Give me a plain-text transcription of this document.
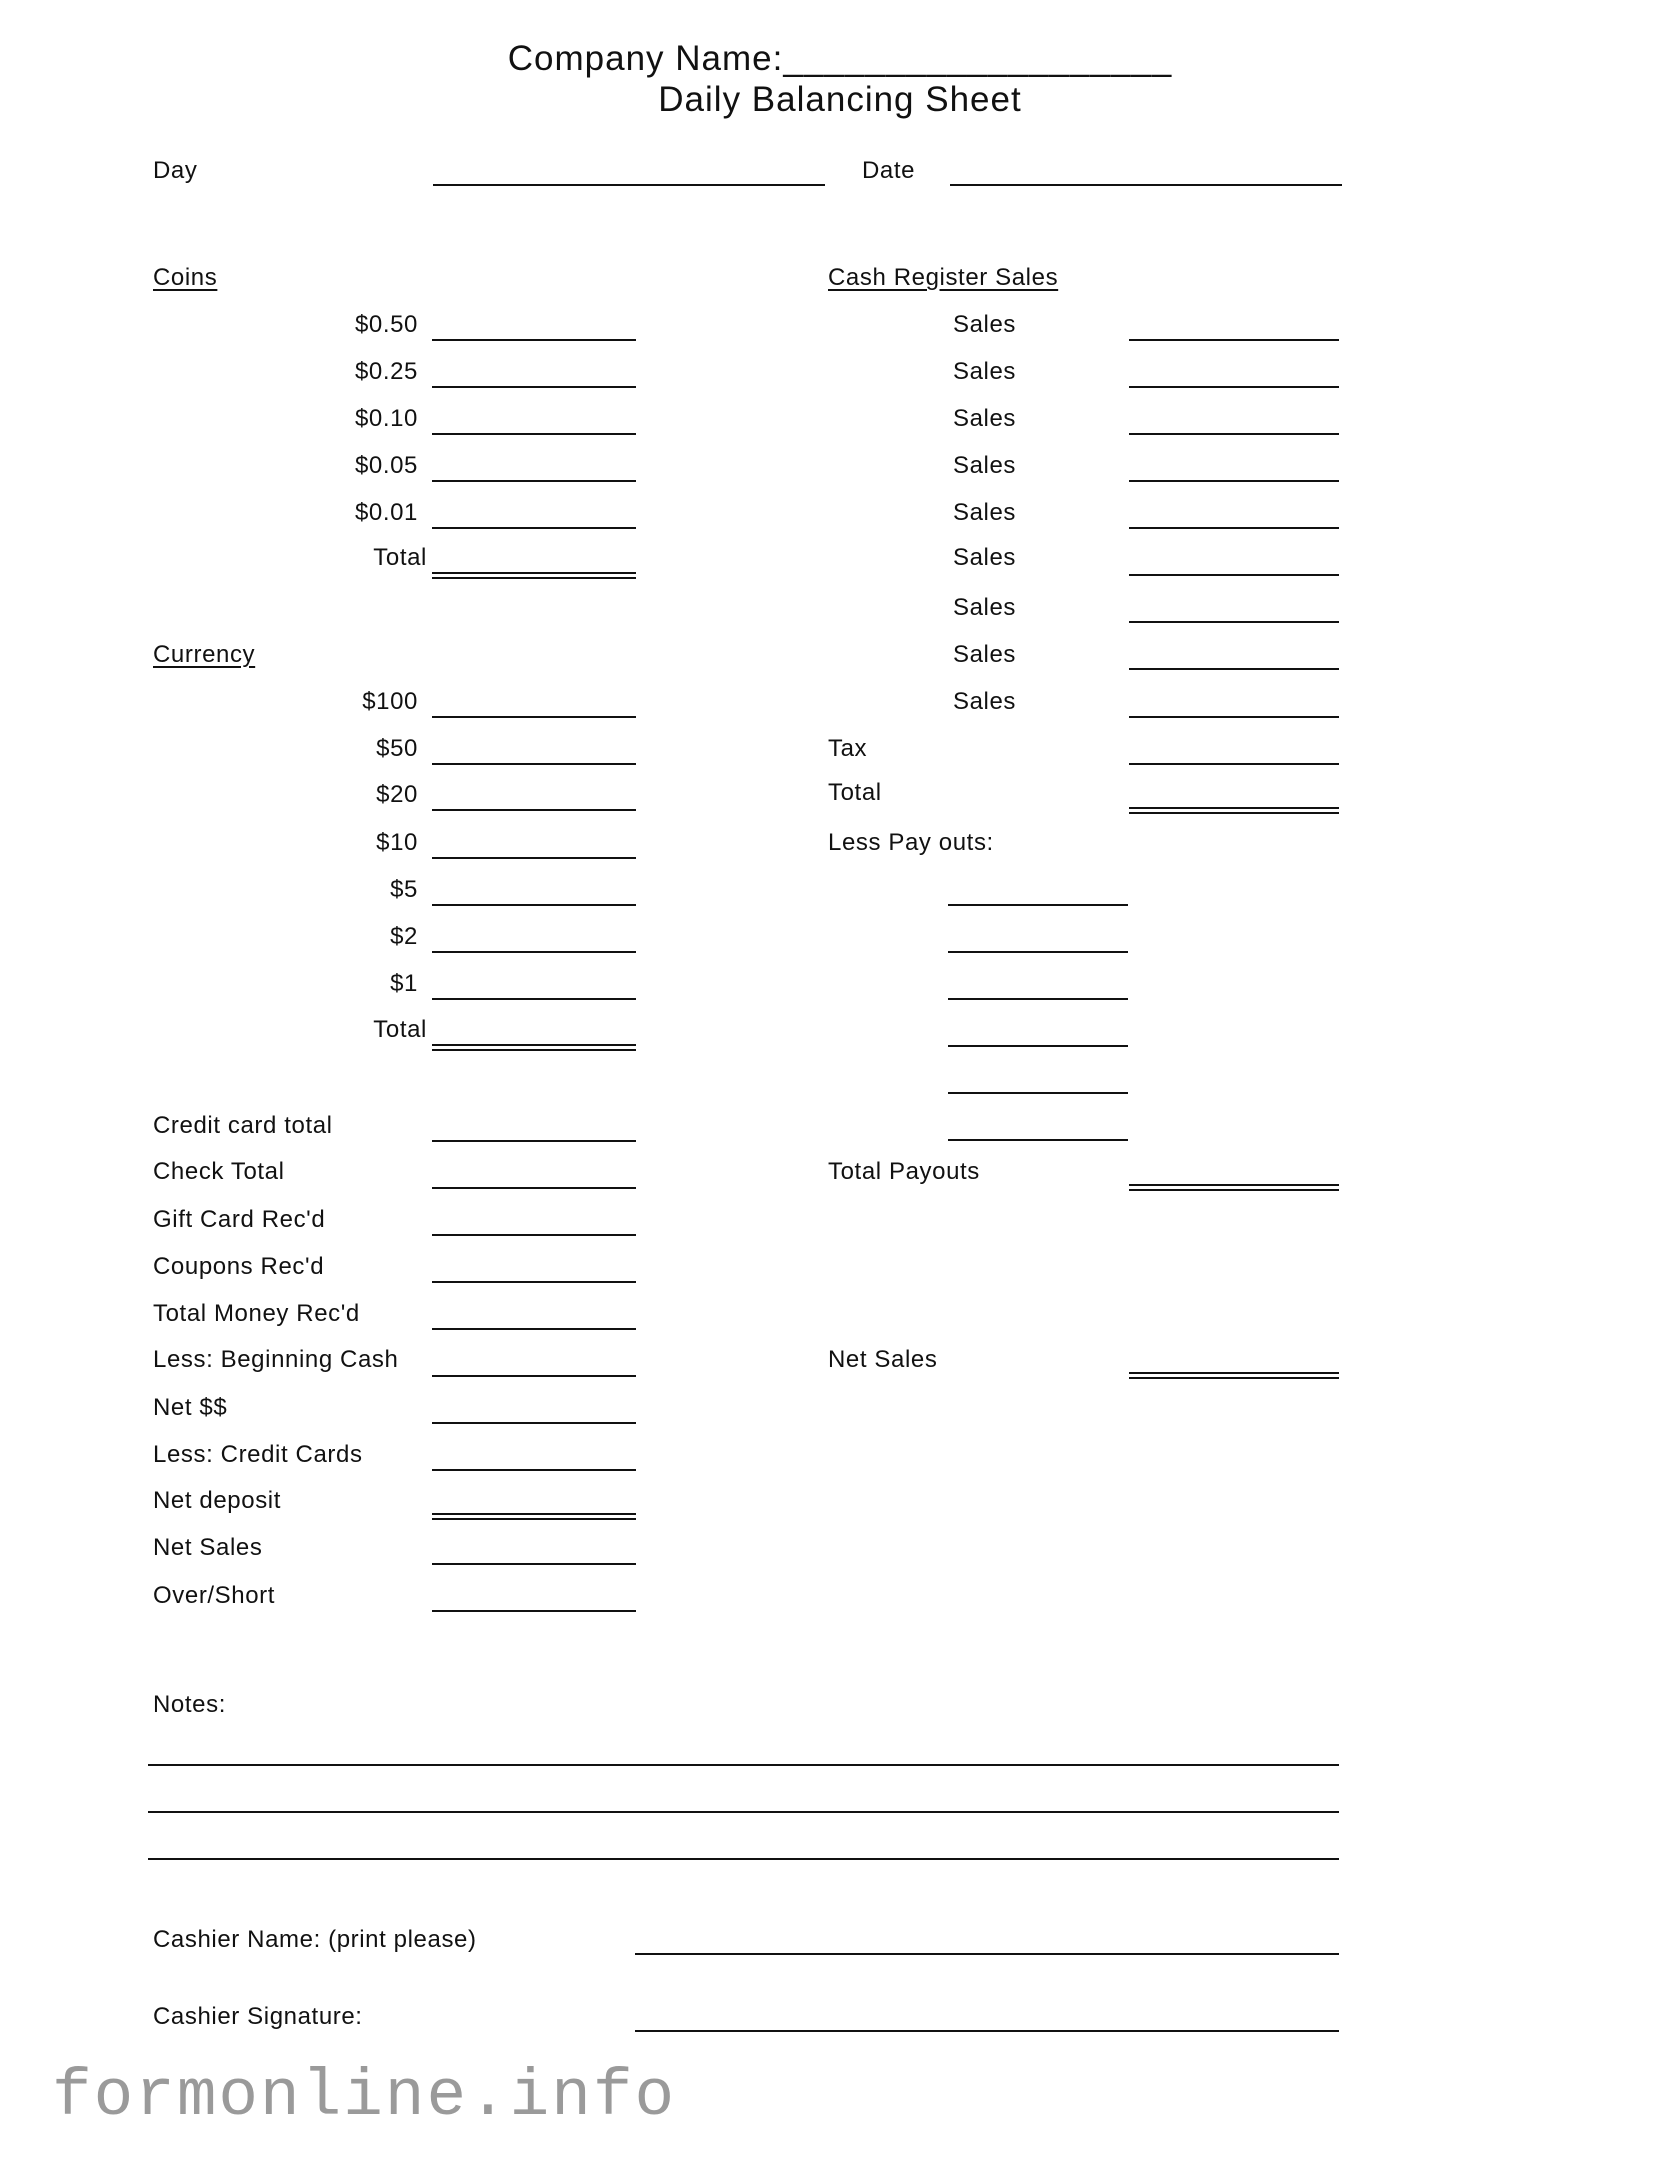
Company Name:___________________
Daily Balancing Sheet
Day	Date
Coins
$0.50
$0.25
$0.10
$0.05
$0.01
Total
Currency
$100
$50
$20
$10
$5
$2
$1
Total
Credit card total
Check Total
Gift Card Rec'd
Coupons Rec'd
Total Money Rec'd
Less: Beginning Cash
Net $$
Less: Credit Cards
Net deposit
Net Sales
Over/Short
Cash Register Sales
Sales
Sales
Sales
Sales
Sales
Sales
Sales
Sales
Sales
Tax
Total
Less Pay outs:
Total Payouts
Net Sales
Notes:
Cashier Name: (print please)
Cashier Signature:
formonline.info
